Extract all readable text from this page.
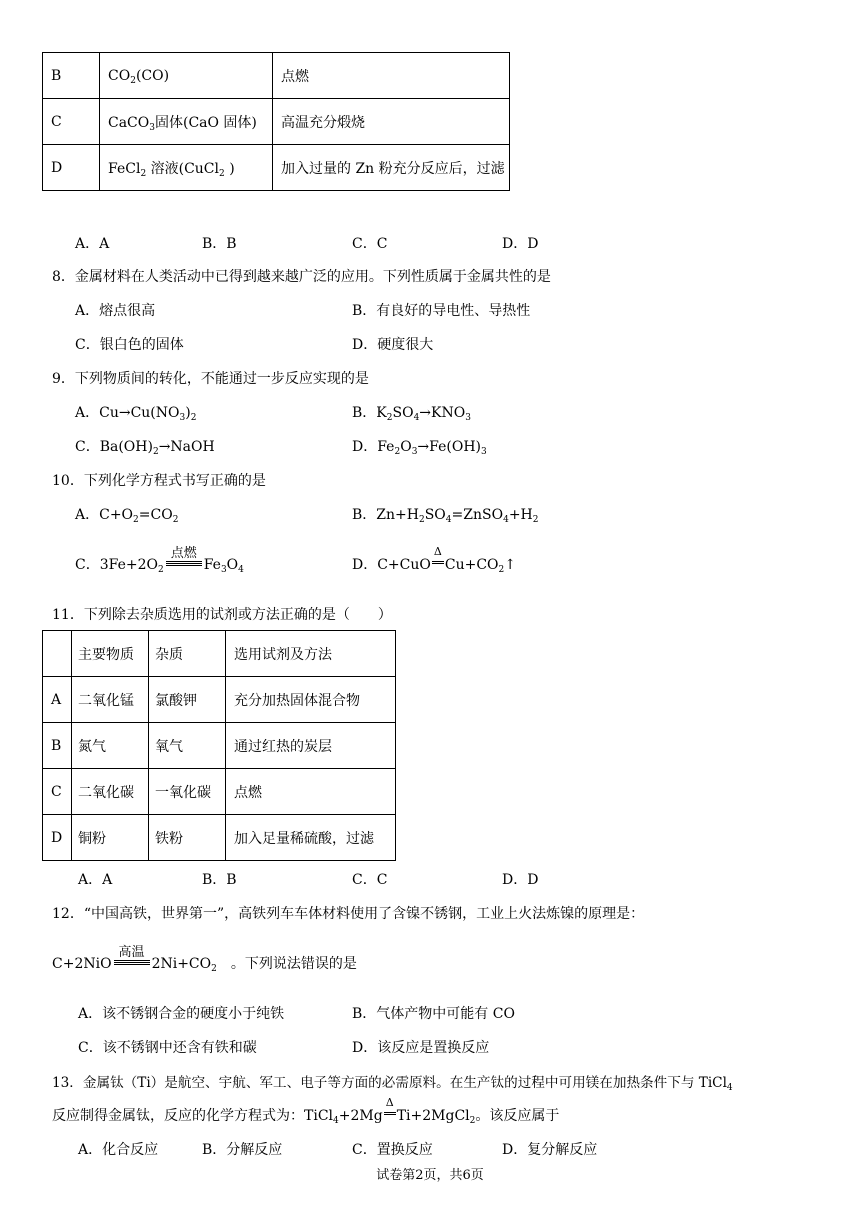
B	$CO_2(CO)$	点燃
C	CaCO$_3$固体(CaO 固体)	高温充分煅烧
D	FeCl$_2$ 溶液(CuCl$_2$ )	加入过量的 Zn 粉充分反应后，过滤
A．A	B．B	C．C	D．D
8．金属材料在人类活动中已得到越来越广泛的应用。下列性质属于金属共性的是
A．熔点很高	B．有良好的导电性、导热性
C．银白色的固体	D．硬度很大
9．下列物质间的转化，不能通过一步反应实现的是
A．$Cu\to Cu(NO_3)_2$	B．$K_2SO_4\to KNO_3$
C．$Ba(OH)_2\to NaOH$	D．$Fe_2O_3\to Fe(OH)_3$
10．下列化学方程式书写正确的是
A．$C+O_2=CO_2$	B．$Zn+H_2SO_4=ZnSO_4+H_2$
C．$3Fe+2O_2$
点燃
$Fe_3O_4$	D．C+CuO
Δ
$Cu+CO_2↑$
11．下列除去杂质选用的试剂或方法正确的是（　　）
	主要物质	杂质	选用试剂及方法
A	二氧化锰	氯酸钾	充分加热固体混合物
B	氮气	氧气	通过红热的炭层
C	二氧化碳	一氧化碳	点燃
D	铜粉	铁粉	加入足量稀硫酸，过滤
A．A	B．B	C．C	D．D
12．“中国高铁，世界第一”，高铁列车车体材料使用了含镍不锈钢，工业上火法炼镍的原理是：
C+2NiO
高温
$2Ni+CO_2$ 。下列说法错误的是
A．该不锈钢合金的硬度小于纯铁	B．气体产物中可能有 CO
C．该不锈钢中还含有铁和碳	D．该反应是置换反应
13．金属钛（Ti）是航空、宇航、军工、电子等方面的必需原料。在生产钛的过程中可用镁在加热条件下与 TiCl$_4$
反应制得金属钛，反应的化学方程式为：TiCl$_4$+2Mg
Δ
Ti+2MgCl$_2$。该反应属于
A．化合反应	B．分解反应	C．置换反应	D．复分解反应
试卷第2页，共6页
